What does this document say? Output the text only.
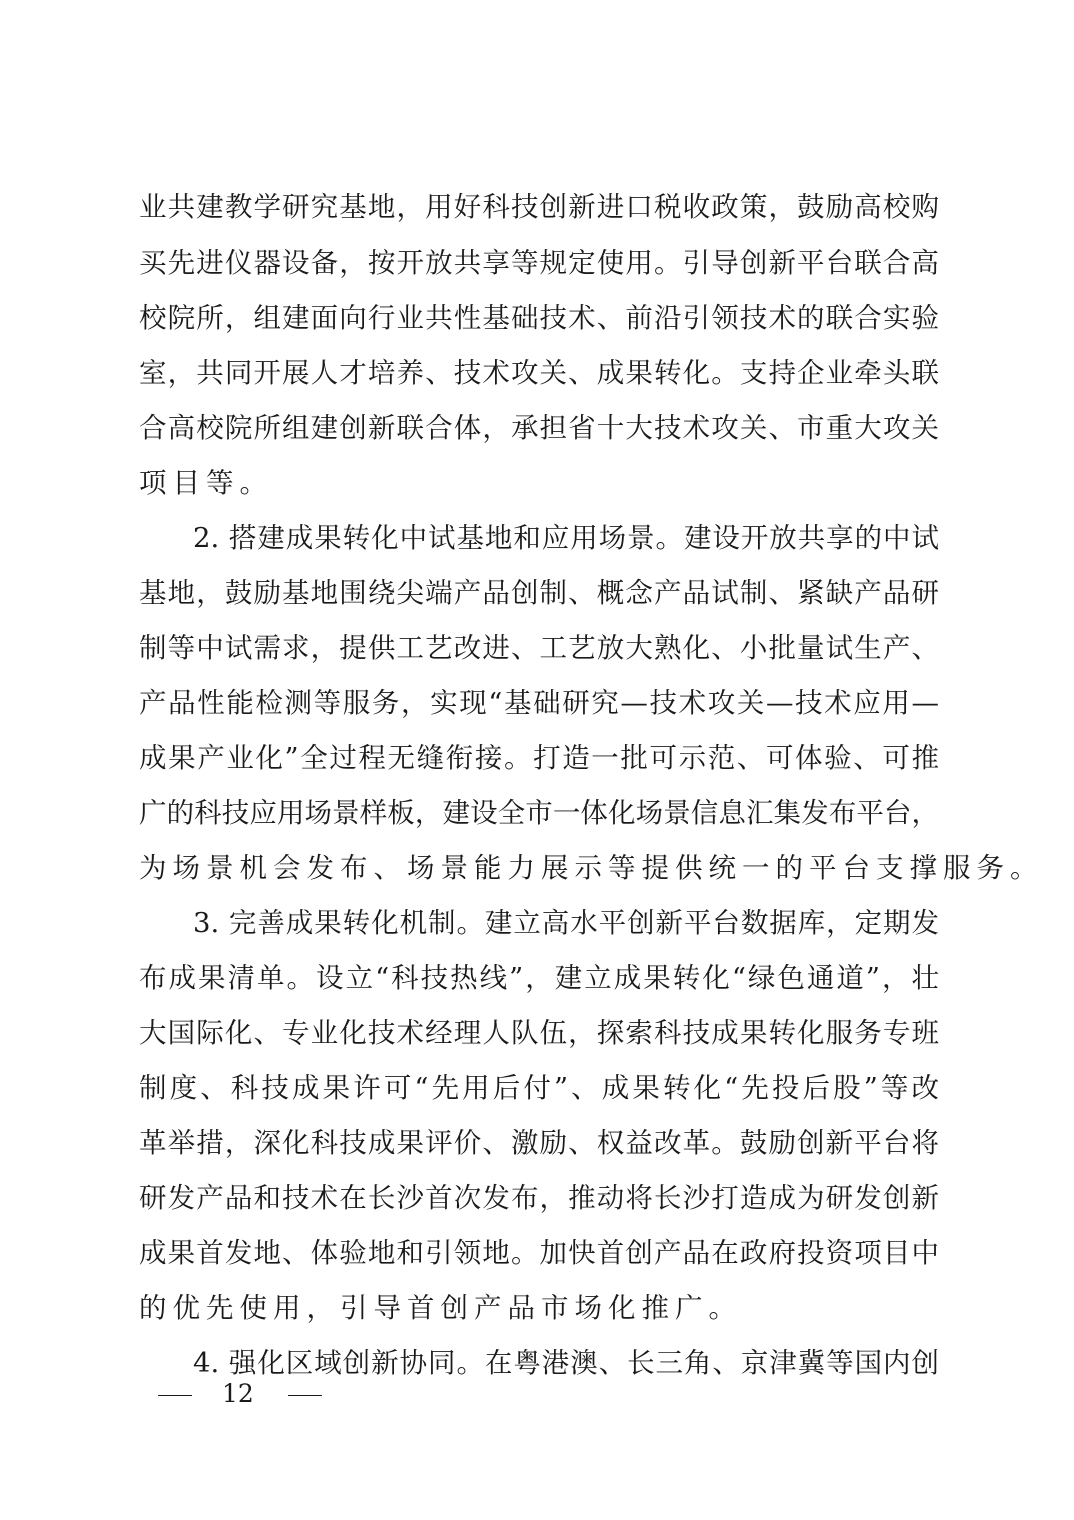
业共建教学研究基地，用好科技创新进口税收政策，鼓励高校购
买先进仪器设备，按开放共享等规定使用。引导创新平台联合高
校院所，组建面向行业共性基础技术、前沿引领技术的联合实验
室，共同开展人才培养、技术攻关、成果转化。支持企业牵头联
合高校院所组建创新联合体，承担省十大技术攻关、市重大攻关
项目等。
2. 搭建成果转化中试基地和应用场景。建设开放共享的中试
基地，鼓励基地围绕尖端产品创制、概念产品试制、紧缺产品研
制等中试需求，提供工艺改进、工艺放大熟化、小批量试生产、
产品性能检测等服务，实现“基础研究—技术攻关—技术应用—
成果产业化”全过程无缝衔接。打造一批可示范、可体验、可推
广的科技应用场景样板，建设全市一体化场景信息汇集发布平台，
为场景机会发布、场景能力展示等提供统一的平台支撑服务。
3. 完善成果转化机制。建立高水平创新平台数据库，定期发
布成果清单。设立“科技热线”，建立成果转化“绿色通道”，壮
大国际化、专业化技术经理人队伍，探索科技成果转化服务专班
制度、科技成果许可“先用后付”、成果转化“先投后股”等改
革举措，深化科技成果评价、激励、权益改革。鼓励创新平台将
研发产品和技术在长沙首次发布，推动将长沙打造成为研发创新
成果首发地、体验地和引领地。加快首创产品在政府投资项目中
的优先使用，引导首创产品市场化推广。
4. 强化区域创新协同。在粤港澳、长三角、京津冀等国内创
12
